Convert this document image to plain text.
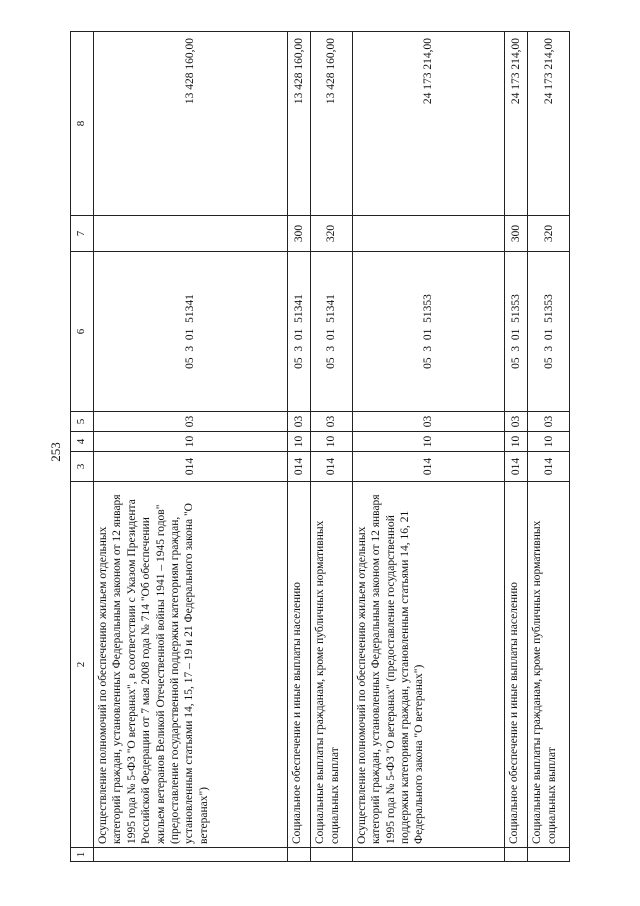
253
1	2	3	4	5	6	7	8
	Осуществление полномочий по обеспечению жильем отдельных категорий граждан, установленных Федеральным законом от 12 января 1995 года № 5-ФЗ "О ветеранах", в соответствии с Указом Президента Российской Федерации от 7 мая 2008 года № 714 "Об обеспечении жильем ветеранов Великой Отечественной войны 1941 – 1945 годов" (предоставление государственной поддержки категориям граждан, установленным статьями 14, 15, 17 – 19 и 21 Федерального закона "О ветеранах")	014	10	03	05  3  01  51341		13 428 160,00
	Социальное обеспечение и иные выплаты населению	014	10	03	05  3  01  51341	300	13 428 160,00
	Социальные выплаты гражданам, кроме публичных нормативных социальных выплат	014	10	03	05  3  01  51341	320	13 428 160,00
	Осуществление полномочий по обеспечению жильем отдельных категорий граждан, установленных Федеральным законом от 12 января 1995 года № 5-ФЗ "О ветеранах" (предоставление государственной поддержки категориям граждан, установленным статьями 14, 16, 21 Федерального закона "О ветеранах")	014	10	03	05  3  01  51353		24 173 214,00
	Социальное обеспечение и иные выплаты населению	014	10	03	05  3  01  51353	300	24 173 214,00
	Социальные выплаты гражданам, кроме публичных нормативных социальных выплат	014	10	03	05  3  01  51353	320	24 173 214,00
